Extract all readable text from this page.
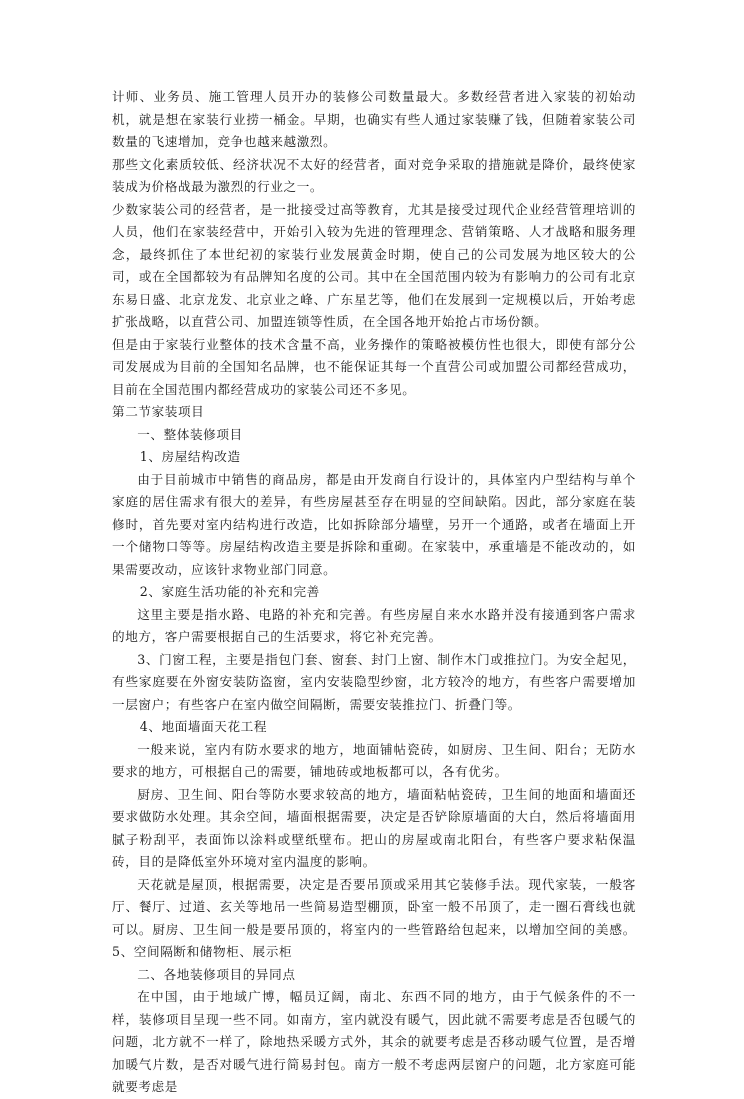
计师、业务员、施工管理人员开办的装修公司数量最大。多数经营者进入家装的初始动机，就是想在家装行业捞一桶金。早期，也确实有些人通过家装赚了钱，但随着家装公司数量的飞速增加，竞争也越来越激烈。

那些文化素质较低、经济状况不太好的经营者，面对竞争采取的措施就是降价，最终使家装成为价格战最为激烈的行业之一。

少数家装公司的经营者，是一批接受过高等教育，尤其是接受过现代企业经营管理培训的人员，他们在家装经营中，开始引入较为先进的管理理念、营销策略、人才战略和服务理念，最终抓住了本世纪初的家装行业发展黄金时期，使自己的公司发展为地区较大的公司，或在全国都较为有品牌知名度的公司。其中在全国范围内较为有影响力的公司有北京东易日盛、北京龙发、北京业之峰、广东星艺等，他们在发展到一定规模以后，开始考虑扩张战略，以直营公司、加盟连锁等性质，在全国各地开始抢占市场份额。

但是由于家装行业整体的技术含量不高，业务操作的策略被模仿性也很大，即使有部分公司发展成为目前的全国知名品牌，也不能保证其每一个直营公司或加盟公司都经营成功，目前在全国范围内都经营成功的家装公司还不多见。

第二节家装项目

一、整体装修项目

1、房屋结构改造

由于目前城市中销售的商品房，都是由开发商自行设计的，具体室内户型结构与单个家庭的居住需求有很大的差异，有些房屋甚至存在明显的空间缺陷。因此，部分家庭在装修时，首先要对室内结构进行改造，比如拆除部分墙壁，另开一个通路，或者在墙面上开一个储物口等等。房屋结构改造主要是拆除和重砌。在家装中，承重墙是不能改动的，如果需要改动，应该针求物业部门同意。

2、家庭生活功能的补充和完善

这里主要是指水路、电路的补充和完善。有些房屋自来水水路并没有接通到客户需求的地方，客户需要根据自己的生活要求，将它补充完善。

3、门窗工程，主要是指包门套、窗套、封门上窗、制作木门或推拉门。为安全起见，有些家庭要在外窗安装防盗窗，室内安装隐型纱窗，北方较冷的地方，有些客户需要增加一层窗户；有些客户在室内做空间隔断，需要安装推拉门、折叠门等。

4、地面墙面天花工程

一般来说，室内有防水要求的地方，地面铺帖瓷砖，如厨房、卫生间、阳台；无防水要求的地方，可根据自己的需要，铺地砖或地板都可以，各有优劣。

厨房、卫生间、阳台等防水要求较高的地方，墙面粘帖瓷砖，卫生间的地面和墙面还要求做防水处理。其余空间，墙面根据需要，决定是否铲除原墙面的大白，然后将墙面用腻子粉刮平，表面饰以涂料或壁纸壁布。把山的房屋或南北阳台，有些客户要求粘保温砖，目的是降低室外环境对室内温度的影响。

天花就是屋顶，根据需要，决定是否要吊顶或采用其它装修手法。现代家装，一般客厅、餐厅、过道、玄关等地吊一些简易造型棚顶，卧室一般不吊顶了，走一圈石膏线也就可以。厨房、卫生间一般是要吊顶的，将室内的一些管路给包起来，以增加空间的美感。5、空间隔断和储物柜、展示柜

二、各地装修项目的异同点

在中国，由于地域广博，幅员辽阔，南北、东西不同的地方，由于气候条件的不一样，装修项目呈现一些不同。如南方，室内就没有暖气，因此就不需要考虑是否包暖气的问题，北方就不一样了，除地热采暖方式外，其余的就要考虑是否移动暖气位置，是否增加暖气片数，是否对暖气进行简易封包。南方一般不考虑两层窗户的问题，北方家庭可能就要考虑是
